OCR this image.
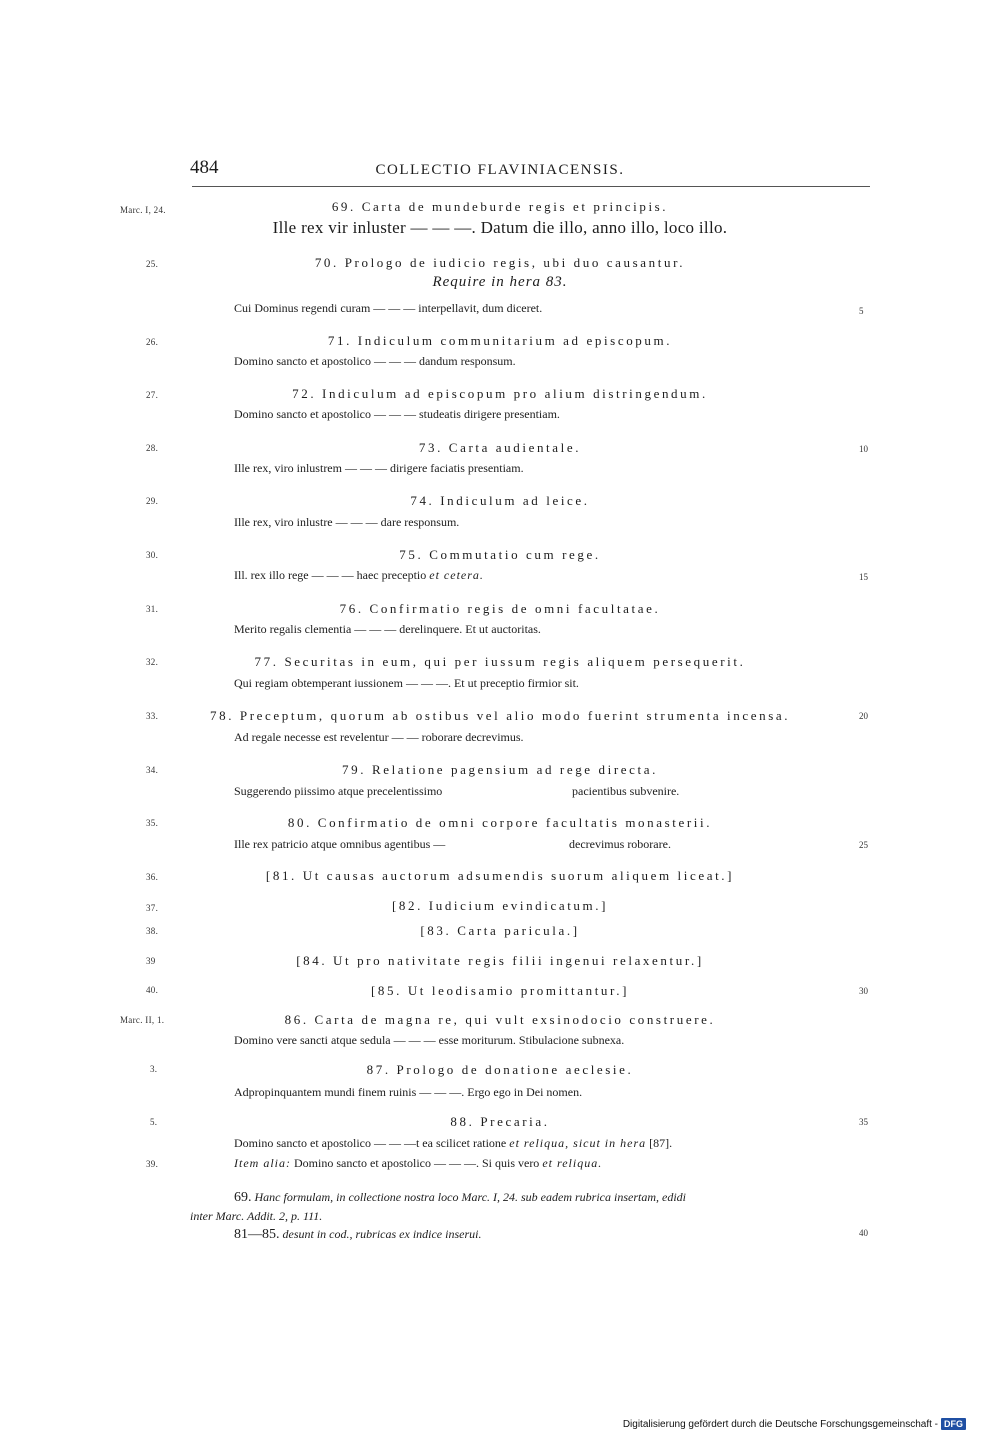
484	COLLECTIO FLAVINIACENSIS.
Marc. I, 24.
25.
26.
27.
28.
29.
30.
31.
32.
33.
34.
35.
36.
37.
38.
39
40.
Marc. II, 1.
3.
5.
39.
5
10
15
20
25
30
35
40
69. Carta de mundeburde regis et principis.
Ille rex vir inluster — — —. Datum die illo, anno illo, loco illo.
70. Prologo de iudicio regis, ubi duo causantur.
Require in hera 83.
Cui Dominus regendi curam — — — interpellavit, dum diceret.
71. Indiculum communitarium ad episcopum.
Domino sancto et apostolico — — — dandum responsum.
72. Indiculum ad episcopum pro alium distringendum.
Domino sancto et apostolico — — — studeatis dirigere presentiam.
73. Carta audientale.
Ille rex, viro inlustrem — — — dirigere faciatis presentiam.
74. Indiculum ad leice.
Ille rex, viro inlustre — — — dare responsum.
75. Commutatio cum rege.
Ill. rex illo rege — — — haec preceptio et cetera.
76. Confirmatio regis de omni facultatae.
Merito regalis clementia — — — derelinquere. Et ut auctoritas.
77. Securitas in eum, qui per iussum regis aliquem persequerit.
Qui regiam obtemperant iussionem — — —. Et ut preceptio firmior sit.
78. Preceptum, quorum ab ostibus vel alio modo fuerint strumenta incensa.
Ad regale necesse est revelentur — — roborare decrevimus.
79. Relatione pagensium ad rege directa.
Suggerendo piissimo atque precelentissimo	pacientibus subvenire.
80. Confirmatio de omni corpore facultatis monasterii.
Ille rex patricio atque omnibus agentibus —	decrevimus roborare.
[81. Ut causas auctorum adsumendis suorum aliquem liceat.]
[82. Iudicium evindicatum.]
[83. Carta paricula.]
[84. Ut pro nativitate regis filii ingenui relaxentur.]
[85. Ut leodisamio promittantur.]
86. Carta de magna re, qui vult exsinodocio construere.
Domino vere sancti atque sedula — — — esse moriturum. Stibulacione subnexa.
87. Prologo de donatione aeclesie.
Adpropinquantem mundi finem ruinis — — —. Ergo ego in Dei nomen.
88. Precaria.
Domino sancto et apostolico — — —t ea scilicet ratione et reliqua, sicut in hera [87].
Item alia: Domino sancto et apostolico — — —. Si quis vero et reliqua.
69. Hanc formulam, in collectione nostra loco Marc. I, 24. sub eadem rubrica insertam, edidi
inter Marc. Addit. 2, p. 111.
81—85. desunt in cod., rubricas ex indice inserui.
Digitalisierung gefördert durch die Deutsche Forschungsgemeinschaft - DFG
